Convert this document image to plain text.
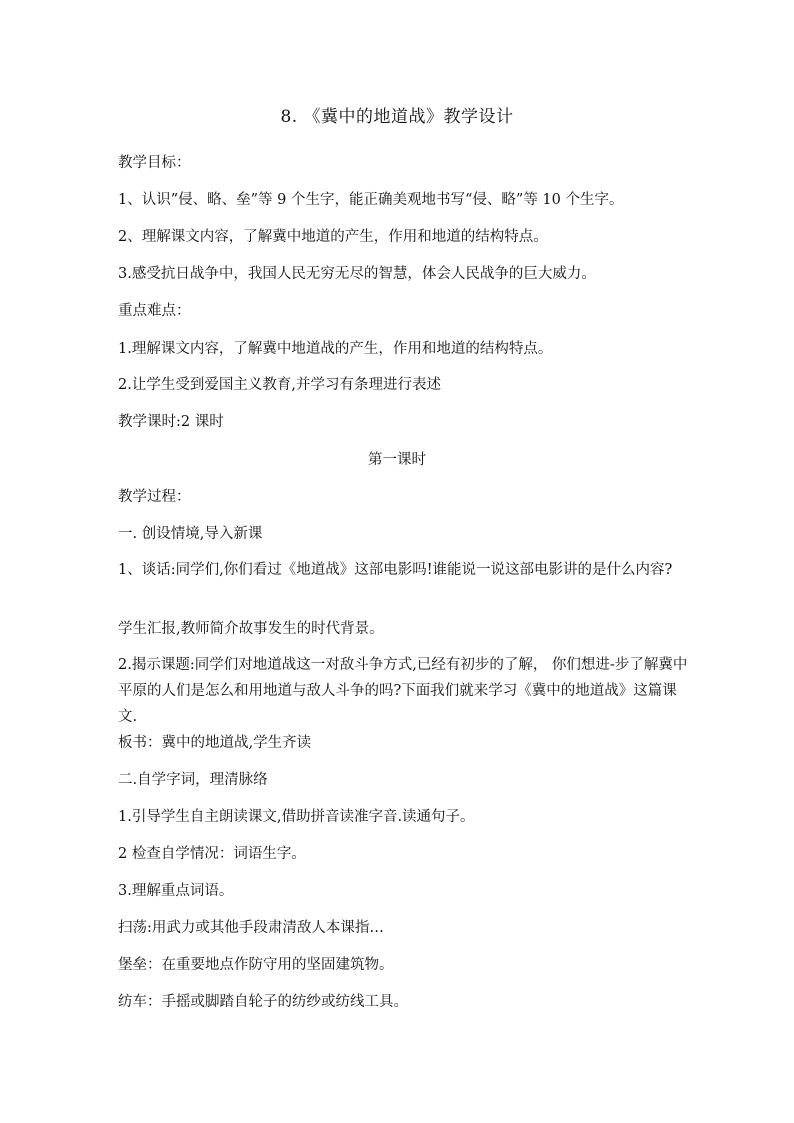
8. 《冀中的地道战》教学设计

教学目标：

1、认识”侵、略、垒”等 9 个生字，能正确美观地书写“侵、略”等 10 个生字。

2、理解课文内容，了解冀中地道的产生，作用和地道的结构特点。

3.感受抗日战争中，我国人民无穷无尽的智慧，体会人民战争的巨大威力。

重点难点：

1.理解课文内容，了解冀中地道战的产生，作用和地道的结构特点。

2.让学生受到爱国主义教育,并学习有条理进行表述

教学课时:2 课时

第一课时

教学过程：

一. 创设情境,导入新课

1、谈话:同学们,你们看过《地道战》这部电影吗!谁能说一说这部电影讲的是什么内容?

学生汇报,教师简介故事发生的时代背景。

2.揭示课题:同学们对地道战这一对敌斗争方式,已经有初步的了解， 你们想进-步了解冀中平原的人们是怎么和用地道与敌人斗争的吗?下面我们就来学习《冀中的地道战》这篇课文.

板书：冀中的地道战,学生齐读

二.自学字词，理清脉络

1.引导学生自主朗读课文,借助拼音读准字音.读通句子。

2 检查自学情况：词语生字。

3.理解重点词语。

扫荡:用武力或其他手段肃清敌人本课指…

堡垒：在重要地点作防守用的坚固建筑物。

纺车：手摇或脚踏自轮子的纺纱或纺线工具。
